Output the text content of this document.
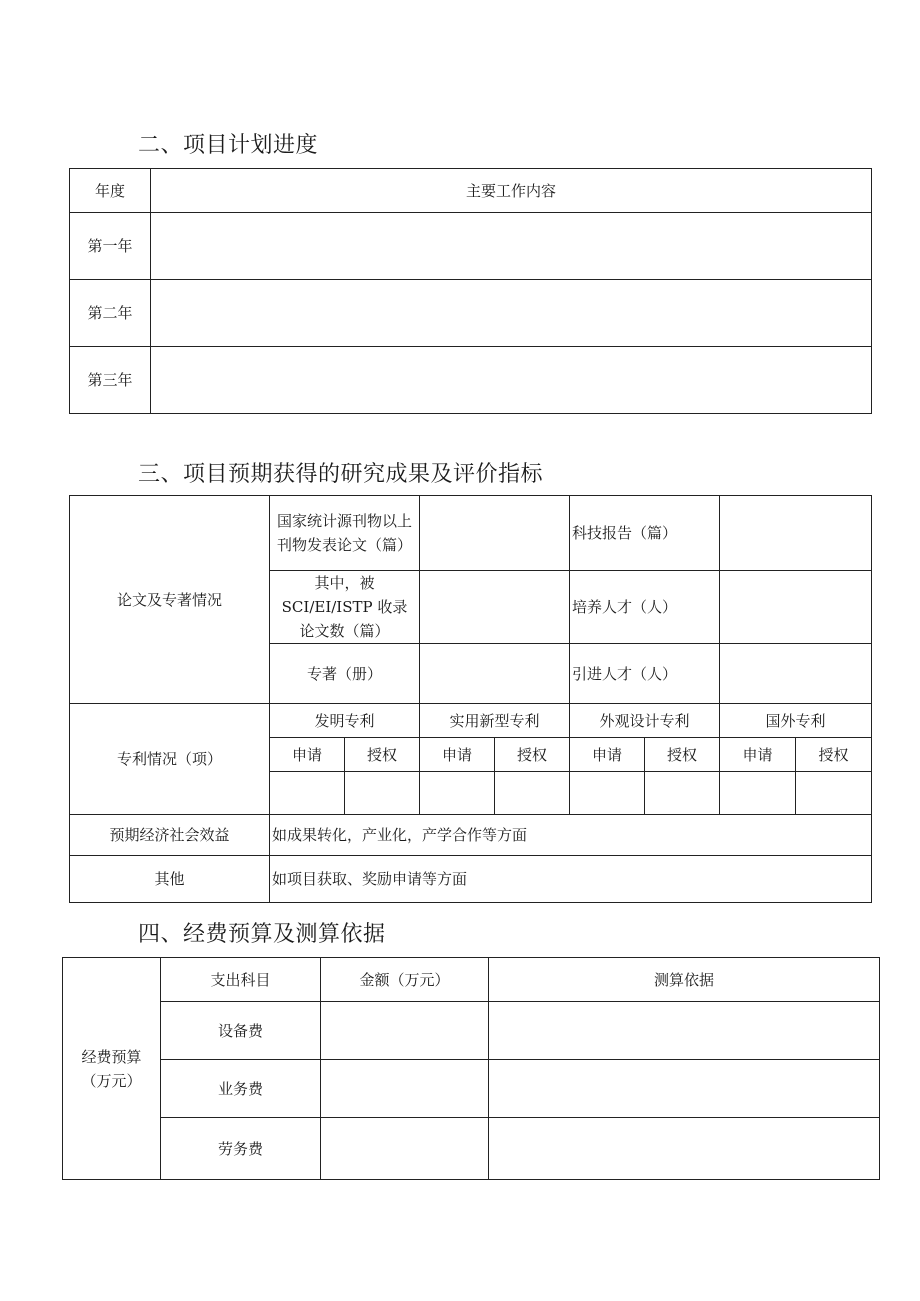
二、项目计划进度
年度	主要工作内容
第一年	
第二年	
第三年	
三、项目预期获得的研究成果及评价指标
论文及专著情况	国家统计源刊物以上刊物发表论文（篇）				科技报告（篇）			

	其中，被
SCI/EI/ISTP 收录
论文数（篇）				培养人才（人）			
	专著（册）				引进人才（人）			
专利情况（项）	发明专利		实用新型专利		外观设计专利		国外专利	
	申请	授权	申请	授权	申请	授权	申请	授权

预期经济社会效益	如成果转化，产业化，产学合作等方面							
其他	如项目获取、奖励申请等方面							
四、经费预算及测算依据
经费预算
（万元）	支出科目	金额（万元）	测算依据
	设备费		
	业务费		
	劳务费		
